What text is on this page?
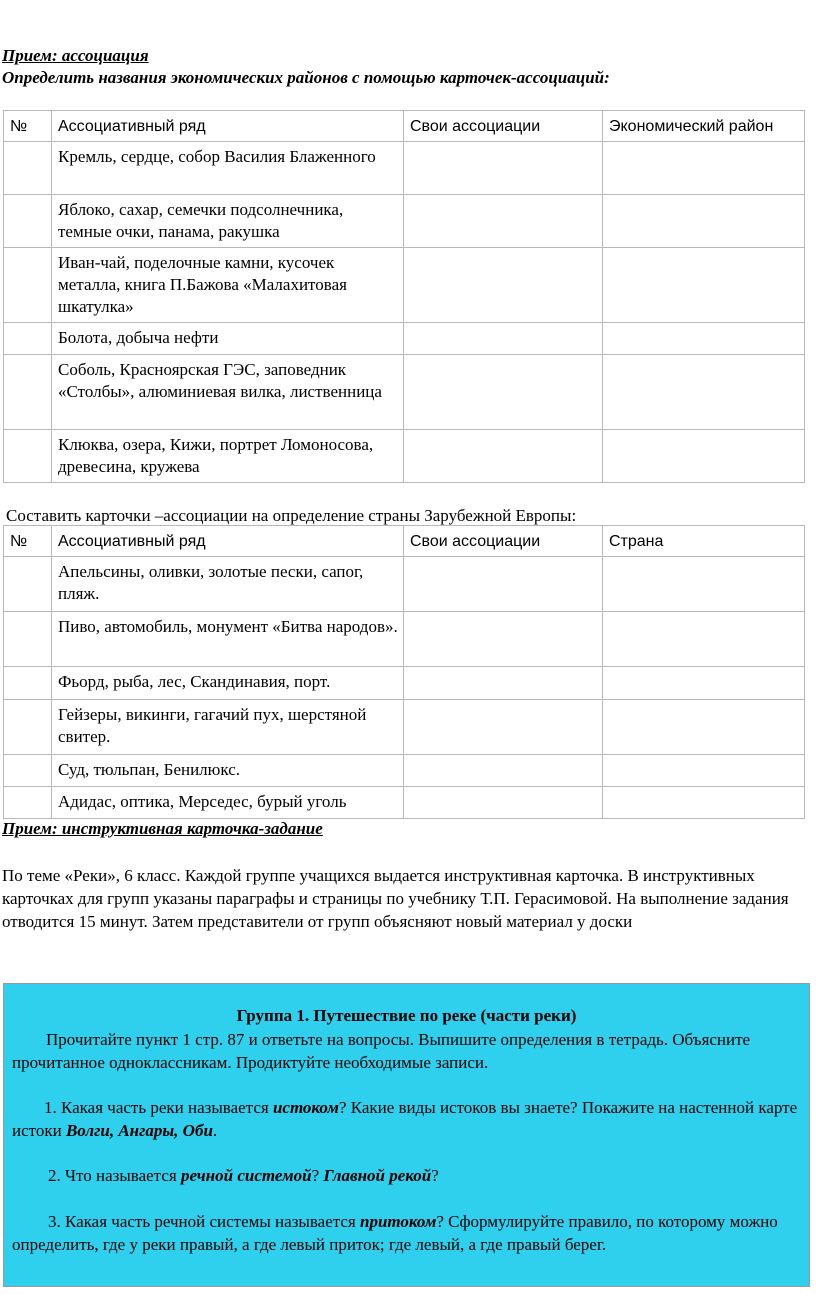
Прием: ассоциация
Определить названия экономических районов с помощью карточек-ассоциаций:
№	Ассоциативный ряд	Свои ассоциации	Экономический район
	Кремль, сердце, собор Василия Блаженного		
	Яблоко, сахар, семечки подсолнечника, темные очки, панама, ракушка		
	Иван-чай, поделочные камни, кусочек металла, книга П.Бажова «Малахитовая шкатулка»		
	Болота, добыча нефти		
	Соболь, Красноярская ГЭС, заповедник «Столбы», алюминиевая вилка, лиственница		
	Клюква, озера, Кижи, портрет Ломоносова, древесина, кружева		
Составить карточки –ассоциации на определение страны Зарубежной Европы:
№	Ассоциативный ряд	Свои ассоциации	Страна
	Апельсины, оливки, золотые пески, сапог, пляж.		
	Пиво, автомобиль, монумент «Битва народов».		
	Фьорд, рыба, лес, Скандинавия, порт.		
	Гейзеры, викинги, гагачий пух, шерстяной свитер.		
	Суд, тюльпан, Бенилюкс.		
	Адидас, оптика, Мерседес, бурый уголь		
Прием: инструктивная карточка-задание
По теме «Реки», 6 класс. Каждой группе учащихся выдается инструктивная карточка. В инструктивных карточках для групп указаны параграфы и страницы по учебнику Т.П. Герасимовой. На выполнение задания отводится 15 минут. Затем представители от групп объясняют новый материал у доски
Группа 1. Путешествие по реке (части реки)

Прочитайте пункт 1 стр. 87 и ответьте на вопросы. Выпишите определения в тетрадь. Объясните прочитанное одноклассникам. Продиктуйте необходимые записи.

1. Какая часть реки называется истоком? Какие виды истоков вы знаете? Покажите на настенной карте истоки Волги, Ангары, Оби.

2. Что называется речной системой? Главной рекой?

3. Какая часть речной системы называется притоком? Сформулируйте правило, по которому можно определить, где у реки правый, а где левый приток; где левый, а где правый берег.
